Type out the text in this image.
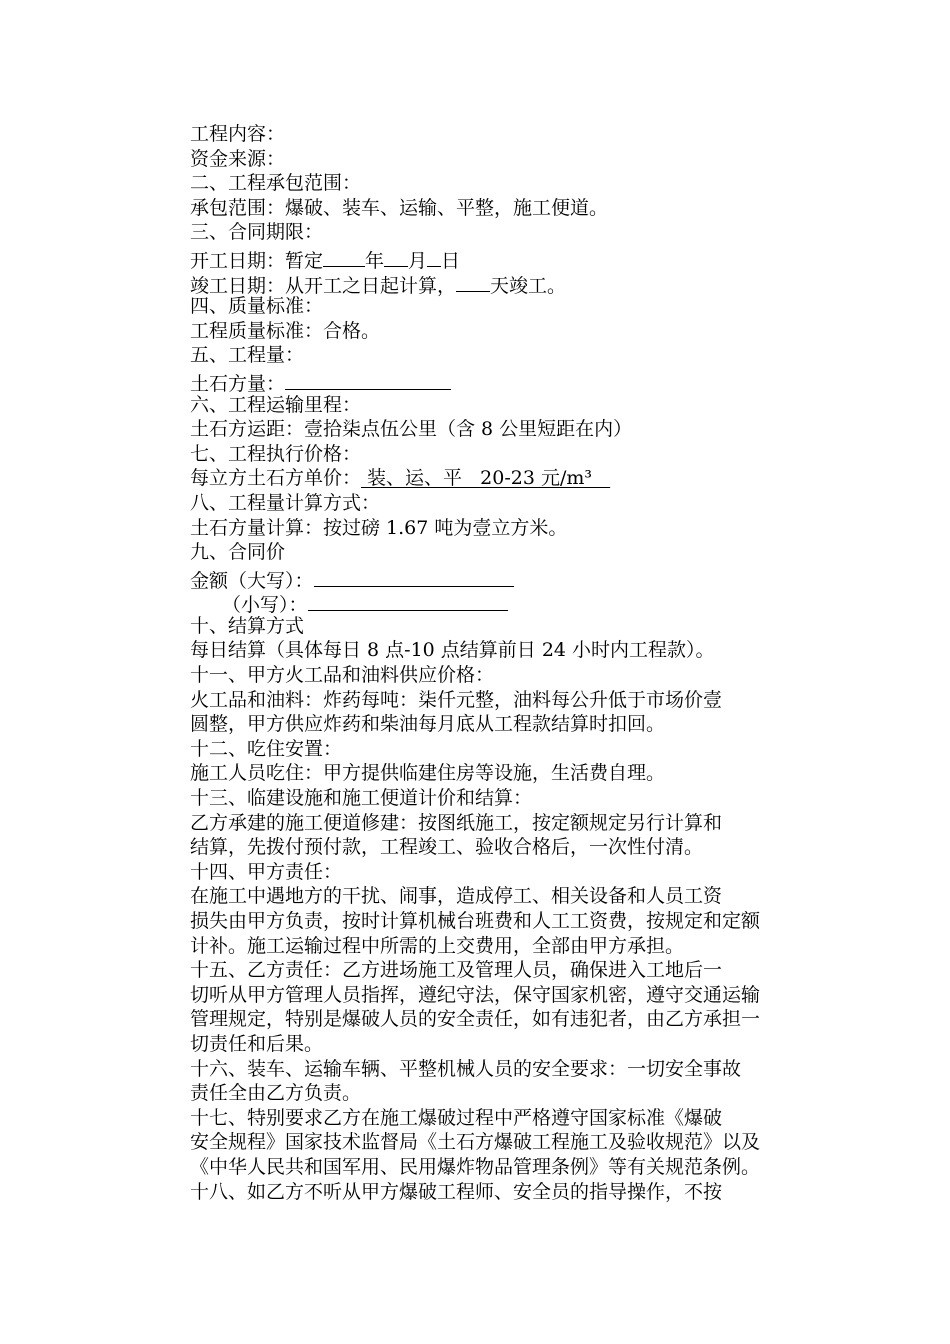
工程内容：
资金来源：
二、工程承包范围：
承包范围：爆破、装车、运输、平整，施工便道。
三、合同期限：
开工日期：暂定 年 月 日
竣工日期：从开工之日起计算， 天竣工。
四、质量标准：
工程质量标准：合格。
五、工程量：
土石方量：
六、工程运输里程：
土石方运距：壹拾柒点伍公里（含 8 公里短距在内）
七、工程执行价格：
每立方土石方单价： 装、运、平   20-23 元/m³
八、工程量计算方式：
土石方量计算：按过磅 1.67 吨为壹立方米。
九、合同价
金额（大写）：
（小写）：
十、结算方式
每日结算（具体每日 8 点-10 点结算前日 24 小时内工程款）。
十一、甲方火工品和油料供应价格：
火工品和油料：炸药每吨：柒仟元整，油料每公升低于市场价壹
圆整，甲方供应炸药和柴油每月底从工程款结算时扣回。
十二、吃住安置：
施工人员吃住：甲方提供临建住房等设施，生活费自理。
十三、临建设施和施工便道计价和结算：
乙方承建的施工便道修建：按图纸施工，按定额规定另行计算和
结算，先拨付预付款，工程竣工、验收合格后，一次性付清。
十四、甲方责任：
在施工中遇地方的干扰、闹事，造成停工、相关设备和人员工资
损失由甲方负责，按时计算机械台班费和人工工资费，按规定和定额
计补。施工运输过程中所需的上交费用，全部由甲方承担。
十五、乙方责任：乙方进场施工及管理人员，确保进入工地后一
切听从甲方管理人员指挥，遵纪守法，保守国家机密，遵守交通运输
管理规定，特别是爆破人员的安全责任，如有违犯者，由乙方承担一
切责任和后果。
十六、装车、运输车辆、平整机械人员的安全要求：一切安全事故
责任全由乙方负责。
十七、特别要求乙方在施工爆破过程中严格遵守国家标准《爆破
安全规程》国家技术监督局《土石方爆破工程施工及验收规范》以及
《中华人民共和国军用、民用爆炸物品管理条例》等有关规范条例。
十八、如乙方不听从甲方爆破工程师、安全员的指导操作，不按
